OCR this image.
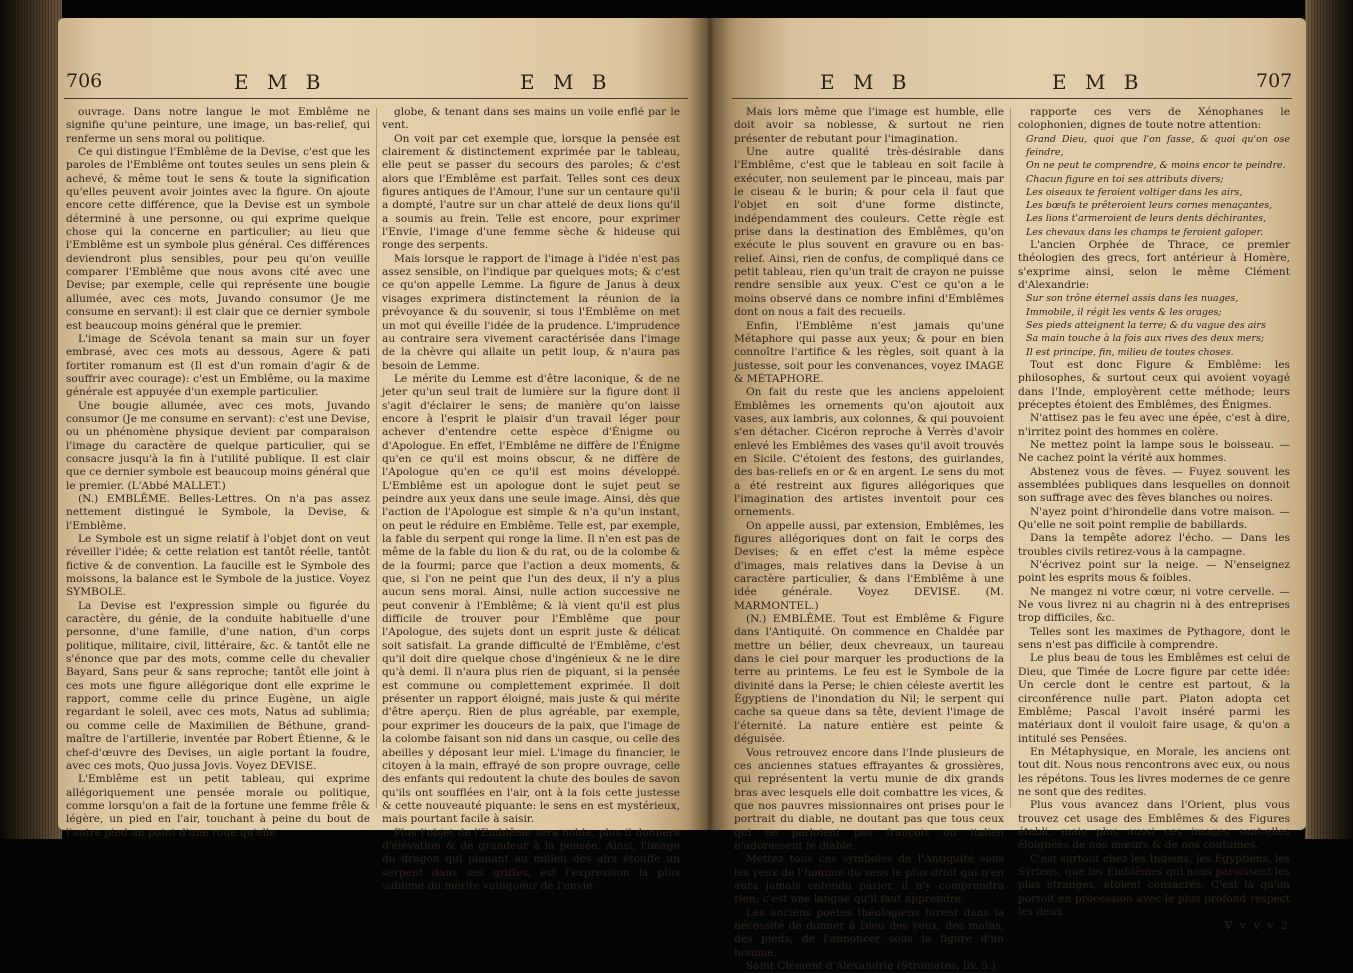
706	E M B	E M B

ouvrage. Dans notre langue le mot Emblême ne signifie qu'une peinture, une image, un bas-relief, qui renferme un sens moral ou politique.

Ce qui distingue l'Emblême de la Devise, c'est que les paroles de l'Emblême ont toutes seules un sens plein & achevé, & même tout le sens & toute la signification qu'elles peuvent avoir jointes avec la figure. On ajoute encore cette différence, que la Devise est un symbole déterminé à une personne, ou qui exprime quelque chose qui la concerne en particulier; au lieu que l'Emblême est un symbole plus général. Ces différences deviendront plus sensibles, pour peu qu'on veuille comparer l'Emblême que nous avons cité avec une Devise; par exemple, celle qui représente une bougie allumée, avec ces mots, Juvando consumor (Je me consume en servant): il est clair que ce dernier symbole est beaucoup moins général que le premier.

L'image de Scévola tenant sa main sur un foyer embrasé, avec ces mots au dessous, Agere & pati fortiter romanum est (Il est d'un romain d'agir & de souffrir avec courage): c'est un Emblême, ou la maxime générale est appuyée d'un exemple particulier.

Une bougie allumée, avec ces mots, Juvando consumor (Je me consume en servant): c'est une Devise, ou un phénomène physique devient par comparaison l'image du caractère de quelque particulier, qui se consacre jusqu'à la fin à l'utilité publique. Il est clair que ce dernier symbole est beaucoup moins général que le premier. (L'Abbé MALLET.)

(N.) EMBLÊME. Belles-Lettres. On n'a pas assez nettement distingué le Symbole, la Devise, & l'Emblême.

Le Symbole est un signe relatif à l'objet dont on veut réveiller l'idée; & cette relation est tantôt réelle, tantôt fictive & de convention. La faucille est le Symbole des moissons, la balance est le Symbole de la justice. Voyez SYMBOLE.

La Devise est l'expression simple ou figurée du caractère, du génie, de la conduite habituelle d'une personne, d'une famille, d'une nation, d'un corps politique, militaire, civil, littéraire, &c. & tantôt elle ne s'énonce que par des mots, comme celle du chevalier Bayard, Sans peur & sans reproche; tantôt elle joint à ces mots une figure allégorique dont elle exprime le rapport, comme celle du prince Eugène, un aigle regardant le soleil, avec ces mots, Natus ad sublimia; ou comme celle de Maximilien de Béthune, grand-maître de l'artillerie, inventée par Robert Étienne, & le chef-d'œuvre des Devises, un aigle portant la foudre, avec ces mots, Quo jussa Jovis. Voyez DEVISE.

L'Emblême est un petit tableau, qui exprime allégoriquement une pensée morale ou politique, comme lorsqu'on a fait de la fortune une femme frêle & légère, un pied en l'air, touchant à peine du bout de l'autre pied un point d'une roue qu'elle

globe, & tenant dans ses mains un voile enflé par le vent.

On voit par cet exemple que, lorsque la pensée est clairement & distinctement exprimée par le tableau, elle peut se passer du secours des paroles; & c'est alors que l'Emblême est parfait. Telles sont ces deux figures antiques de l'Amour, l'une sur un centaure qu'il a dompté, l'autre sur un char attelé de deux lions qu'il a soumis au frein. Telle est encore, pour exprimer l'Envie, l'image d'une femme sèche & hideuse qui ronge des serpents.

Mais lorsque le rapport de l'image à l'idée n'est pas assez sensible, on l'indique par quelques mots; & c'est ce qu'on appelle Lemme. La figure de Janus à deux visages exprimera distinctement la réunion de la prévoyance & du souvenir, si tous l'Emblême on met un mot qui éveille l'idée de la prudence. L'imprudence au contraire sera vivement caractérisée dans l'image de la chèvre qui allaite un petit loup, & n'aura pas besoin de Lemme.

Le mérite du Lemme est d'être laconique, & de ne jeter qu'un seul trait de lumière sur la figure dont il s'agit d'éclairer le sens; de manière qu'on laisse encore à l'esprit le plaisir d'un travail léger pour achever d'entendre cette espèce d'Énigme ou d'Apologue. En effet, l'Emblême ne diffère de l'Énigme qu'en ce qu'il est moins obscur, & ne diffère de l'Apologue qu'en ce qu'il est moins développé. L'Emblême est un apologue dont le sujet peut se peindre aux yeux dans une seule image. Ainsi, dès que l'action de l'Apologue est simple & n'a qu'un instant, on peut le réduire en Emblême. Telle est, par exemple, la fable du serpent qui ronge la lime. Il n'en est pas de même de la fable du lion & du rat, ou de la colombe & de la fourmi; parce que l'action a deux moments, & que, si l'on ne peint que l'un des deux, il n'y a plus aucun sens moral. Ainsi, nulle action successive ne peut convenir à l'Emblême; & là vient qu'il est plus difficile de trouver pour l'Emblême que pour l'Apologue, des sujets dont un esprit juste & délicat soit satisfait. La grande difficulté de l'Emblême, c'est qu'il doit dire quelque chose d'ingénieux & ne le dire qu'à demi. Il n'aura plus rien de piquant, si la pensée est commune ou complettement exprimée. Il doit présenter un rapport éloigné, mais juste & qui mérite d'être aperçu. Rien de plus agréable, par exemple, pour exprimer les douceurs de la paix, que l'image de la colombe faisant son nid dans un casque, ou celle des abeilles y déposant leur miel. L'image du financier, le citoyen à la main, effrayé de son propre ouvrage, celle des enfants qui redoutent la chute des boules de savon qu'ils ont soufflées en l'air, ont à la fois cette justesse & cette nouveauté piquante: le sens en est mystérieux, mais pourtant facile à saisir.

Plus l'objet de l'Emblême sera noble, plus il donnera d'élévation & de grandeur à la pensée. Ainsi, l'image du dragon qui planant au milieu des airs étouffe un serpent dans ses griffes, est l'expression la plus sublime du mérite vainqueur de l'envie.

E M B	E M B	707

Mais lors même que l'image est humble, elle doit avoir sa noblesse, & surtout ne rien présenter de rebutant pour l'imagination.

Une autre qualité très-désirable dans l'Emblême, c'est que le tableau en soit facile à exécuter, non seulement par le pinceau, mais par le ciseau & le burin; & pour cela il faut que l'objet en soit d'une forme distincte, indépendamment des couleurs. Cette règle est prise dans la destination des Emblêmes, qu'on exécute le plus souvent en gravure ou en bas-relief. Ainsi, rien de confus, de compliqué dans ce petit tableau, rien qu'un trait de crayon ne puisse rendre sensible aux yeux. C'est ce qu'on a le moins observé dans ce nombre infini d'Emblêmes dont on nous a fait des recueils.

Enfin, l'Emblême n'est jamais qu'une Métaphore qui passe aux yeux; & pour en bien connoître l'artifice & les règles, soit quant à la justesse, soit pour les convenances, voyez IMAGE & MÉTAPHORE.

On fait du reste que les anciens appeloient Emblêmes les ornements qu'on ajoutoit aux vases, aux lambris, aux colonnes, & qui pouvoient s'en détacher. Cicéron reproche à Verrès d'avoir enlevé les Emblêmes des vases qu'il avoit trouvés en Sicile. C'étoient des festons, des guirlandes, des bas-reliefs en or & en argent. Le sens du mot a été restreint aux figures allégoriques que l'imagination des artistes inventoit pour ces ornements.

On appelle aussi, par extension, Emblêmes, les figures allégoriques dont on fait le corps des Devises; & en effet c'est la même espèce d'images, mais relatives dans la Devise à un caractère particulier, & dans l'Emblême à une idée générale. Voyez DEVISE. (M. MARMONTEL.)

(N.) EMBLÊME. Tout est Emblême & Figure dans l'Antiquité. On commence en Chaldée par mettre un bélier, deux chevreaux, un taureau dans le ciel pour marquer les productions de la terre au printems. Le feu est le Symbole de la divinité dans la Perse; le chien céleste avertit les Égyptiens de l'inondation du Nil; le serpent qui cache sa queue dans sa tête, devient l'image de l'éternité. La nature entière est peinte & déguisée.

Vous retrouvez encore dans l'Inde plusieurs de ces anciennes statues effrayantes & grossières, qui représentent la vertu munie de dix grands bras avec lesquels elle doit combattre les vices, & que nos pauvres missionnaires ont prises pour le portrait du diable, ne doutant pas que tous ceux qui ne parloient pas françois ou italien n'adorassent le diable.

Mettez tous ces symboles de l'Antiquité sous les yeux de l'homme du sens le plus droit qui n'en aura jamais entendu parler, il n'y comprendra rien; c'est une langue qu'il faut apprendre.

Les anciens poètes théologiens furent dans la nécessité de donner à Dieu des yeux, des mains, des pieds, de l'annoncer sous la figure d'un homme.

Saint Clément d'Alexandrie (Stromates, liv. 5.)

rapporte ces vers de Xénophanes le colophonien, dignes de toute notre attention:

Grand Dieu, quoi que l'on fasse, & quoi qu'on ose feindre,

On ne peut te comprendre, & moins encor te peindre.

Chacun figure en toi ses attributs divers;

Les oiseaux te feroient voltiger dans les airs,

Les bœufs te prêteroient leurs cornes menaçantes,

Les lions t'armeroient de leurs dents déchirantes,

Les chevaux dans les champs te feroient galoper.

L'ancien Orphée de Thrace, ce premier théologien des grecs, fort antérieur à Homère, s'exprime ainsi, selon le même Clément d'Alexandrie:

Sur son trône éternel assis dans les nuages,

Immobile, il régit les vents & les orages;

Ses pieds atteignent la terre; & du vague des airs

Sa main touche à la fois aux rives des deux mers;

Il est principe, fin, milieu de toutes choses.

Tout est donc Figure & Emblême: les philosophes, & surtout ceux qui avoient voyagé dans l'Inde, employèrent cette méthode; leurs préceptes étoient des Emblêmes, des Énigmes.

N'attisez pas le feu avec une épée, c'est à dire, n'irritez point des hommes en colère.

Ne mettez point la lampe sous le boisseau. — Ne cachez point la vérité aux hommes.

Abstenez vous de fèves. — Fuyez souvent les assemblées publiques dans lesquelles on donnoit son suffrage avec des fèves blanches ou noires.

N'ayez point d'hirondelle dans votre maison. — Qu'elle ne soit point remplie de babillards.

Dans la tempête adorez l'écho. — Dans les troubles civils retirez-vous à la campagne.

N'écrivez point sur la neige. — N'enseignez point les esprits mous & foibles.

Ne mangez ni votre cœur, ni votre cervelle. — Ne vous livrez ni au chagrin ni à des entreprises trop difficiles, &c.

Telles sont les maximes de Pythagore, dont le sens n'est pas difficile à comprendre.

Le plus beau de tous les Emblêmes est celui de Dieu, que Timée de Locre figure par cette idée: Un cercle dont le centre est partout, & la circonférence nulle part. Platon adopta cet Emblême; Pascal l'avoit inséré parmi les matériaux dont il vouloit faire usage, & qu'on a intitulé ses Pensées.

En Métaphysique, en Morale, les anciens ont tout dit. Nous nous rencontrons avec eux, ou nous les répétons. Tous les livres modernes de ce genre ne sont que des redites.

Plus vous avancez dans l'Orient, plus vous trouvez cet usage des Emblêmes & des Figures établi; mais plus aussi ces images sont-elles éloignées de nos mœurs & de nos coutumes.

C'est surtout chez les Indiens, les Égyptiens, les Syriens, que les Emblêmes qui nous paroissent les plus étranges, étoient consacrés. C'est là qu'on portoit en procession avec le plus profond respect les deux

V v v v 2
